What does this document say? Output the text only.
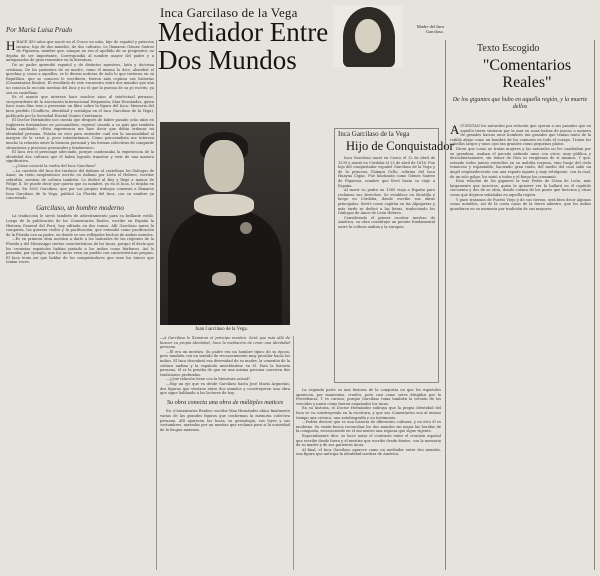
Por María Luisa Prado

HHACE 450 años que nació en el Cuzco un niño, hijo de español y princesa incaica; hijo de dos mundos, de dos culturas. Le llamaron Gómez Suárez de Figueroa, nombre que, aunque no era el apellido de su progenitor, no dejaba de ser importante. Correspondía al nombre mayor del padre y a antepasados de gran renombre en la literatura.

De su padre aprendió español y de distintos maestros, latín y doctrina cristiana. De los parientes de su madre, como él mismo lo dice, absorbió el quechua y, como a aquellos, se le dieron noticias de todo lo que tuvieron en su República, que se conocen le escribiera, fueron más copiosa sus historias (Comentarios Reales). El resultado de este encuentro entre dos mundos que aún no conocía la sección mestiza del Inca y no el que la purona de su yo escrito, ya sea en castellano.

Es el asunto que interesa hace muchos años al intelectual peruano, vicepresidente de la Asociación Internacional Hispanista, Max Hernández, quien hace unos días vino a presentar un libro sobre la figura del Inca: Memoria del bien perdido (Conflicto, identidad y nostalgia en el Inca Garcilaso de la Vega), publicado por la Sociedad Estatal Quinto Centenario.

El Doctor Hernández nos cuenta que después de haber pasado ocho años en Inglaterra formándose en psicoanálisis, regresó cuando a su país que también había cambiado. «Esta experiencia me hizo decir que debía ordenar mi identidad peruana. Estaba en esto para entender cuál era la nacionalidad al margen de la crisis y, poco intentaríamos. Como psicoanalista me interesa mucho la relación entre la historia personal y las formas colectivas de compartir situaciones y procesos personales y fenómenos».

El Inca era el personaje adecuado, porque condensaba la experiencia de la identidad dos culturas que él había logrado transitar y vivir de una manera significativa.

—¿Cómo conoció la vuelta del Inca Garcilaso?

—La cuestión del Inca fue traducir del italiano al castellano los Diálogos de Amor, un texto neoplatónico escrito en italiano por León el Hebreo, escritor sefardita, mestizo de cultura también. Lo dedicó al Rey y llegó a manos de Felipe II. Se puede decir que quería que su nombre, ya en el Inca, lo dejaba en España. En 1602 Garcilaso, que por sus propios trabajos comenzó a llamarse Inca Garcilaso de la Vega, publicó La Florida del Inca, con su nombre ya concretado.

Garcilaso, un hombre moderno

La traducción le sirvió también de adiestramiento para su brillante estilo. Luego de la publicación de los Comentarios Reales, escribe en España la Historia General del Perú, hoy editada en dos tomos. Allí Garcilaso narra la conquista, las guerras civiles y la pacificación, que entendió como pacificación de la Florida con su padre, en donde se ven reflejados hechos de ambos mundos.

—Es en primera obra mestiza a darle a los naturales de las regiones de la Florida y del Mississippi ciertas características de los Incas, porque él decía que los cronistas españoles habían pintado a los indios como bárbaros. Así lo pensaba, por ejemplo, que los incas eran un pueblo con características propias. El Inca tenía así que hablar de los conquistadores que eran los únicos que tenían voces.

Inca Garcilaso de la Vega
Mediador Entre Dos Mundos
Madre del Inca Garcilaso.
Juan Garcilaso de la Vega.

—A Garcilaso le llamaron el príncipe mestizo. Será que más allá de buscar su propia identidad, hace la mediación de crear una identidad peruana.

—Él era un mestizo. Su padre era un hombre típico de su época, pero también con un sentido de reconocimiento muy peculiar hacia los indios. El Inca descubrió esa diversidad de su madre, la conexión de la cultura andina y la española mezclándose en él. Para la historia peruana, él es la prueba de que en una misma persona conviven dos tradiciones profundas.

—¿Qué relación tiene con la literatura actual?

—Hay un eje que va desde Garcilaso hasta José María Arguedas, dos figuras que vivieron entre dos mundos y construyeron una obra que sigue hablando a los lectores de hoy.

Su obra conecta una obra de múltiples matices

En «Comentarios Reales» escribe Max Hernández ubica finalmente varias de las grandes figuras que conforman la memoria colectiva peruana. Allí aparecen los Incas, su genealogía, sus leyes y sus costumbres, narradas por un mestizo que reclama para sí la autoridad de la lengua materna.

Inca Garcilaso de la Vega
Hijo de Conquistador

Inca Garcilaso nació en Cuzco el 12 de abril de 1539 y murió en Córdoba el 23 de abril de 1616. Fue hijo del conquistador español Garcilaso de la Vega y de la princesa Chimpu Ocllo, sobrina del Inca Huayna Cápac. Fue bautizado como Gómez Suárez de Figueroa, nombre que llevó hasta su viaje a España.

Al morir su padre en 1560 viaja a España para reclamar sus derechos. Se establece en Montilla y luego en Córdoba, donde escribe sus obras principales. Sirvió como capitán en las Alpujarras y más tarde se dedicó a las letras, traduciendo los Diálogos de Amor de León Hebreo.

Considerado el primer escritor mestizo de América, su obra constituye un puente fundamental entre la cultura andina y la europea.

La segunda parte es una historia de la conquista en que los españoles aparecen, por momentos, crueles, pero casi como seres dirigidos por la Providencia. Y es curioso, porque Garcilaso toma también la versión de los vencidos y narra cómo fueron engañados los incas.

En su historia, el Doctor Hernández subraya que la propia identidad del Inca se va construyendo en la escritura, y que sus Comentarios son al mismo tiempo una crónica, una autobiografía y un testimonio.

—Podría decirse que es una historia de diferentes culturas, y en esto él es moderno. Su visión busca reconciliar los dos mundos sin negar las heridas de la conquista, reconociendo en el encuentro una riqueza que sigue vigente.

Especialmente dice, se hace notar el contraste entre el cronista español que escribe desde fuera y el mestizo que escribe desde dentro, con la memoria de su madre y de sus parientes incas.

Al final, el Inca Garcilaso aparece como un mediador entre dos mundos, una figura que anticipa la identidad mestiza de América.

Texto Escogido
"Comentarios Reales"
De los gigantes que hubo en aquella región, y la muerte dellos

ACUENTAN los naturales por relación que oyeron a sus pasados que en aquella tierra vinieron por la mar en unas balsas de juncos a manera de grandes barcas unos hombres tan grandes que tenían tanto de la rodilla abajo como un hombre de los comunes en todo el cuerpo. Traían los cabellos largos y unos ojos tan grandes como pequeños platos.

Dicen que como no traían mujeres y las naturales no les cuadraban por su grandeza, usaban el pecado nefando unos con otros, muy pública y descubiertamente, sin temor de Dios ni vergüenza de sí mismos. Y que, estando todos juntos envueltos en su maldita torpeza, vino fuego del cielo temeroso y espantable, haciendo gran ruido, del medio del cual salió un ángel resplandeciente con una espada tajante y muy refulgente, con la cual, de un solo golpe, los mató a todos y el fuego los consumió.

Esta relación de los gigantes la trae Pedro de Cieza de León, más largamente que nosotros; quien la quisiere ver la hallará en el capítulo cincuenta y dos de su obra, donde cuenta de los pozos que hicieron y otras cosas que dejaron señaladas en aquella región.

Y pues tratamos de Puerto Viejo y de sus tierras, será bien decir algunas cosas notables, así de la costa como de la tierra adentro, que los indios guardaron en su memoria por tradición de sus mayores.
